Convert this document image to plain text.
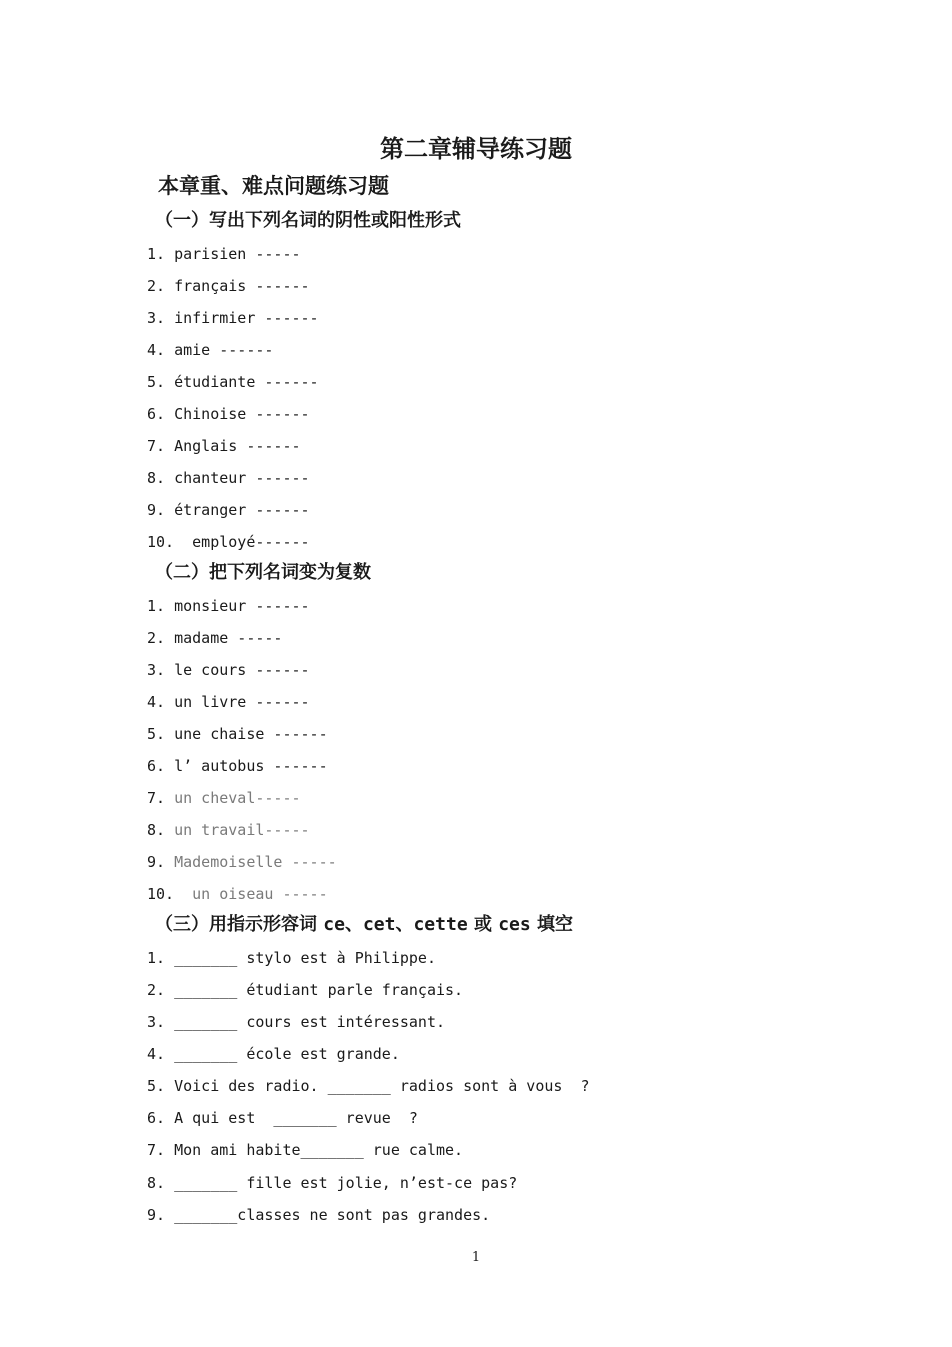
第二章辅导练习题
本章重、难点问题练习题
（一）写出下列名词的阴性或阳性形式
1. parisien -----
2. français ------
3. infirmier ------
4. amie ------
5. étudiante ------
6. Chinoise ------
7. Anglais ------
8. chanteur ------
9. étranger ------
10. employé------
（二）把下列名词变为复数
1. monsieur ------
2. madame -----
3. le cours ------
4. un livre ------
5. une chaise ------
6. l’ autobus ------
7. un cheval-----
8. un travail-----
9. Mademoiselle -----
10. un oiseau -----
（三）用指示形容词 ce、cet、cette 或 ces 填空
1. _______ stylo est à Philippe.
2. _______ étudiant parle français.
3. _______ cours est intéressant.
4. _______ école est grande.
5. Voici des radio. _______ radios sont à vous  ?
6. A qui est  _______ revue  ?
7. Mon ami habite_______ rue calme.
8. _______ fille est jolie, n’est-ce pas?
9. _______classes ne sont pas grandes.
1
